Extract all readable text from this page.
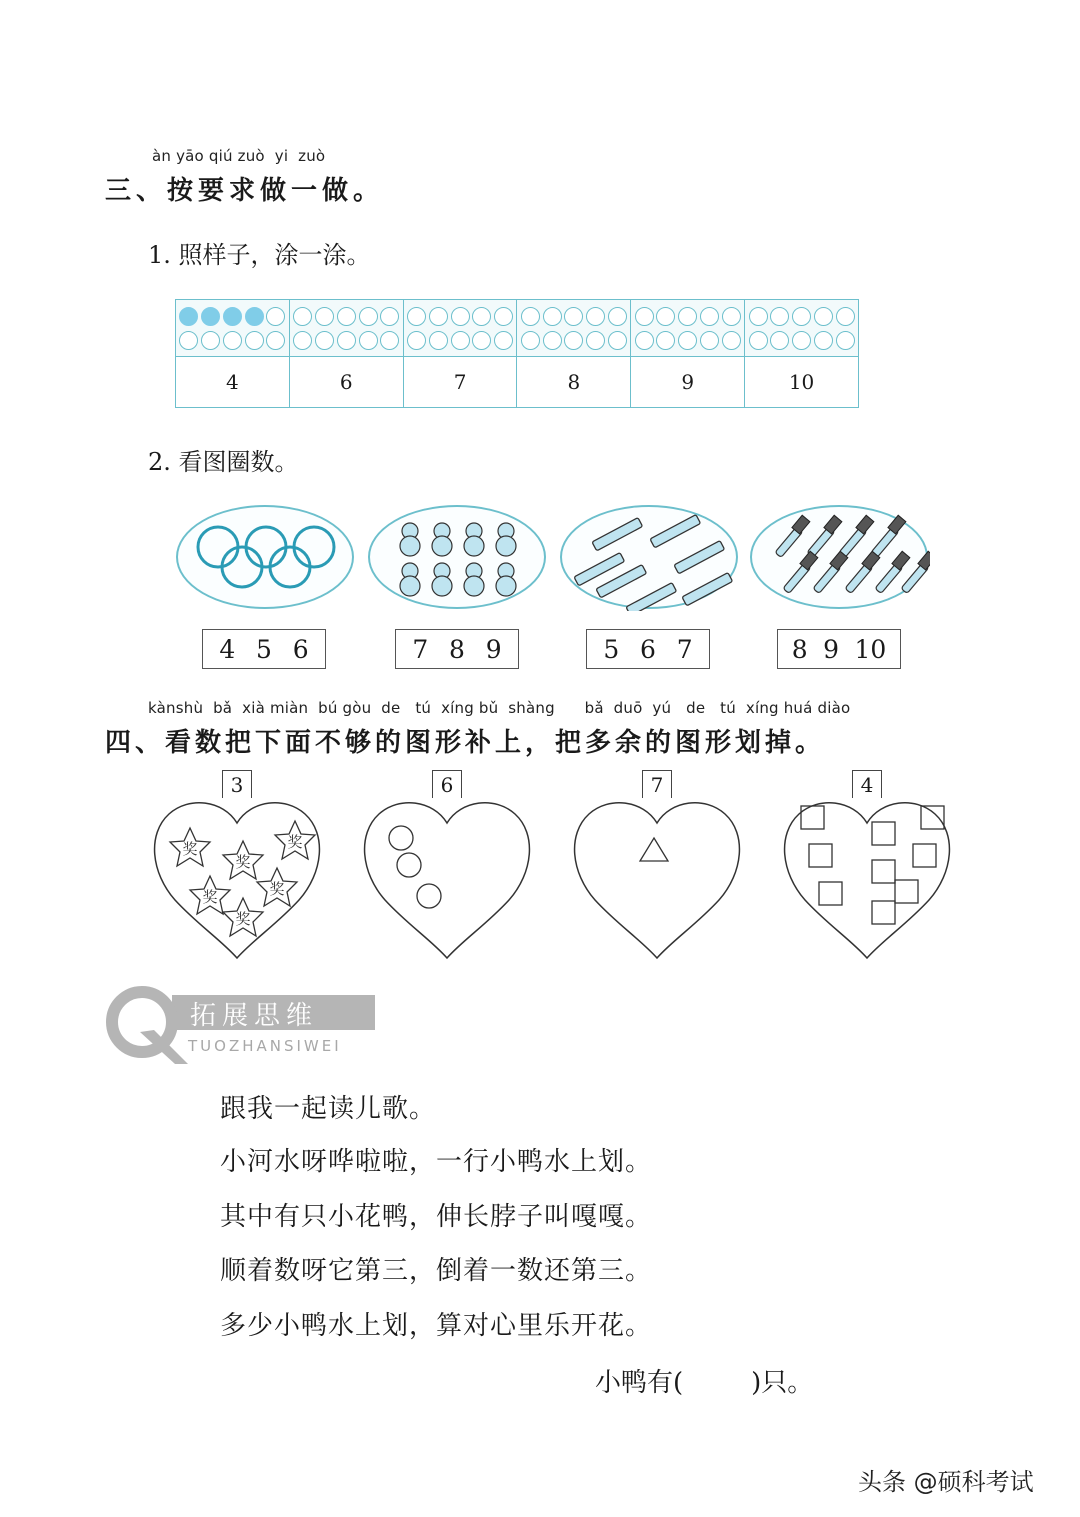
àn yāo qiú zuò  yi  zuò
三、按要求做一做。
1. 照样子，涂一涂。
4	6	7	8	9	10
2. 看图圈数。
4 5 6	7 8 9	5 6 7	8 9 10
kànshù  bǎ  xià miàn  bú gòu  de   tú  xíng bǔ  shàng      bǎ  duō  yú   de   tú  xíng huá diào
四、看数把下面不够的图形补上，把多余的图形划掉。
奖
奖
奖
奖	奖
奖
3	6	7	4
拓展思维
TUOZHANSIWEI
跟我一起读儿歌。
小河水呀哗啦啦，一行小鸭水上划。
其中有只小花鸭，伸长脖子叫嘎嘎。
顺着数呀它第三，倒着一数还第三。
多少小鸭水上划，算对心里乐开花。
小鸭有(	)只。
头条 @硕科考试
